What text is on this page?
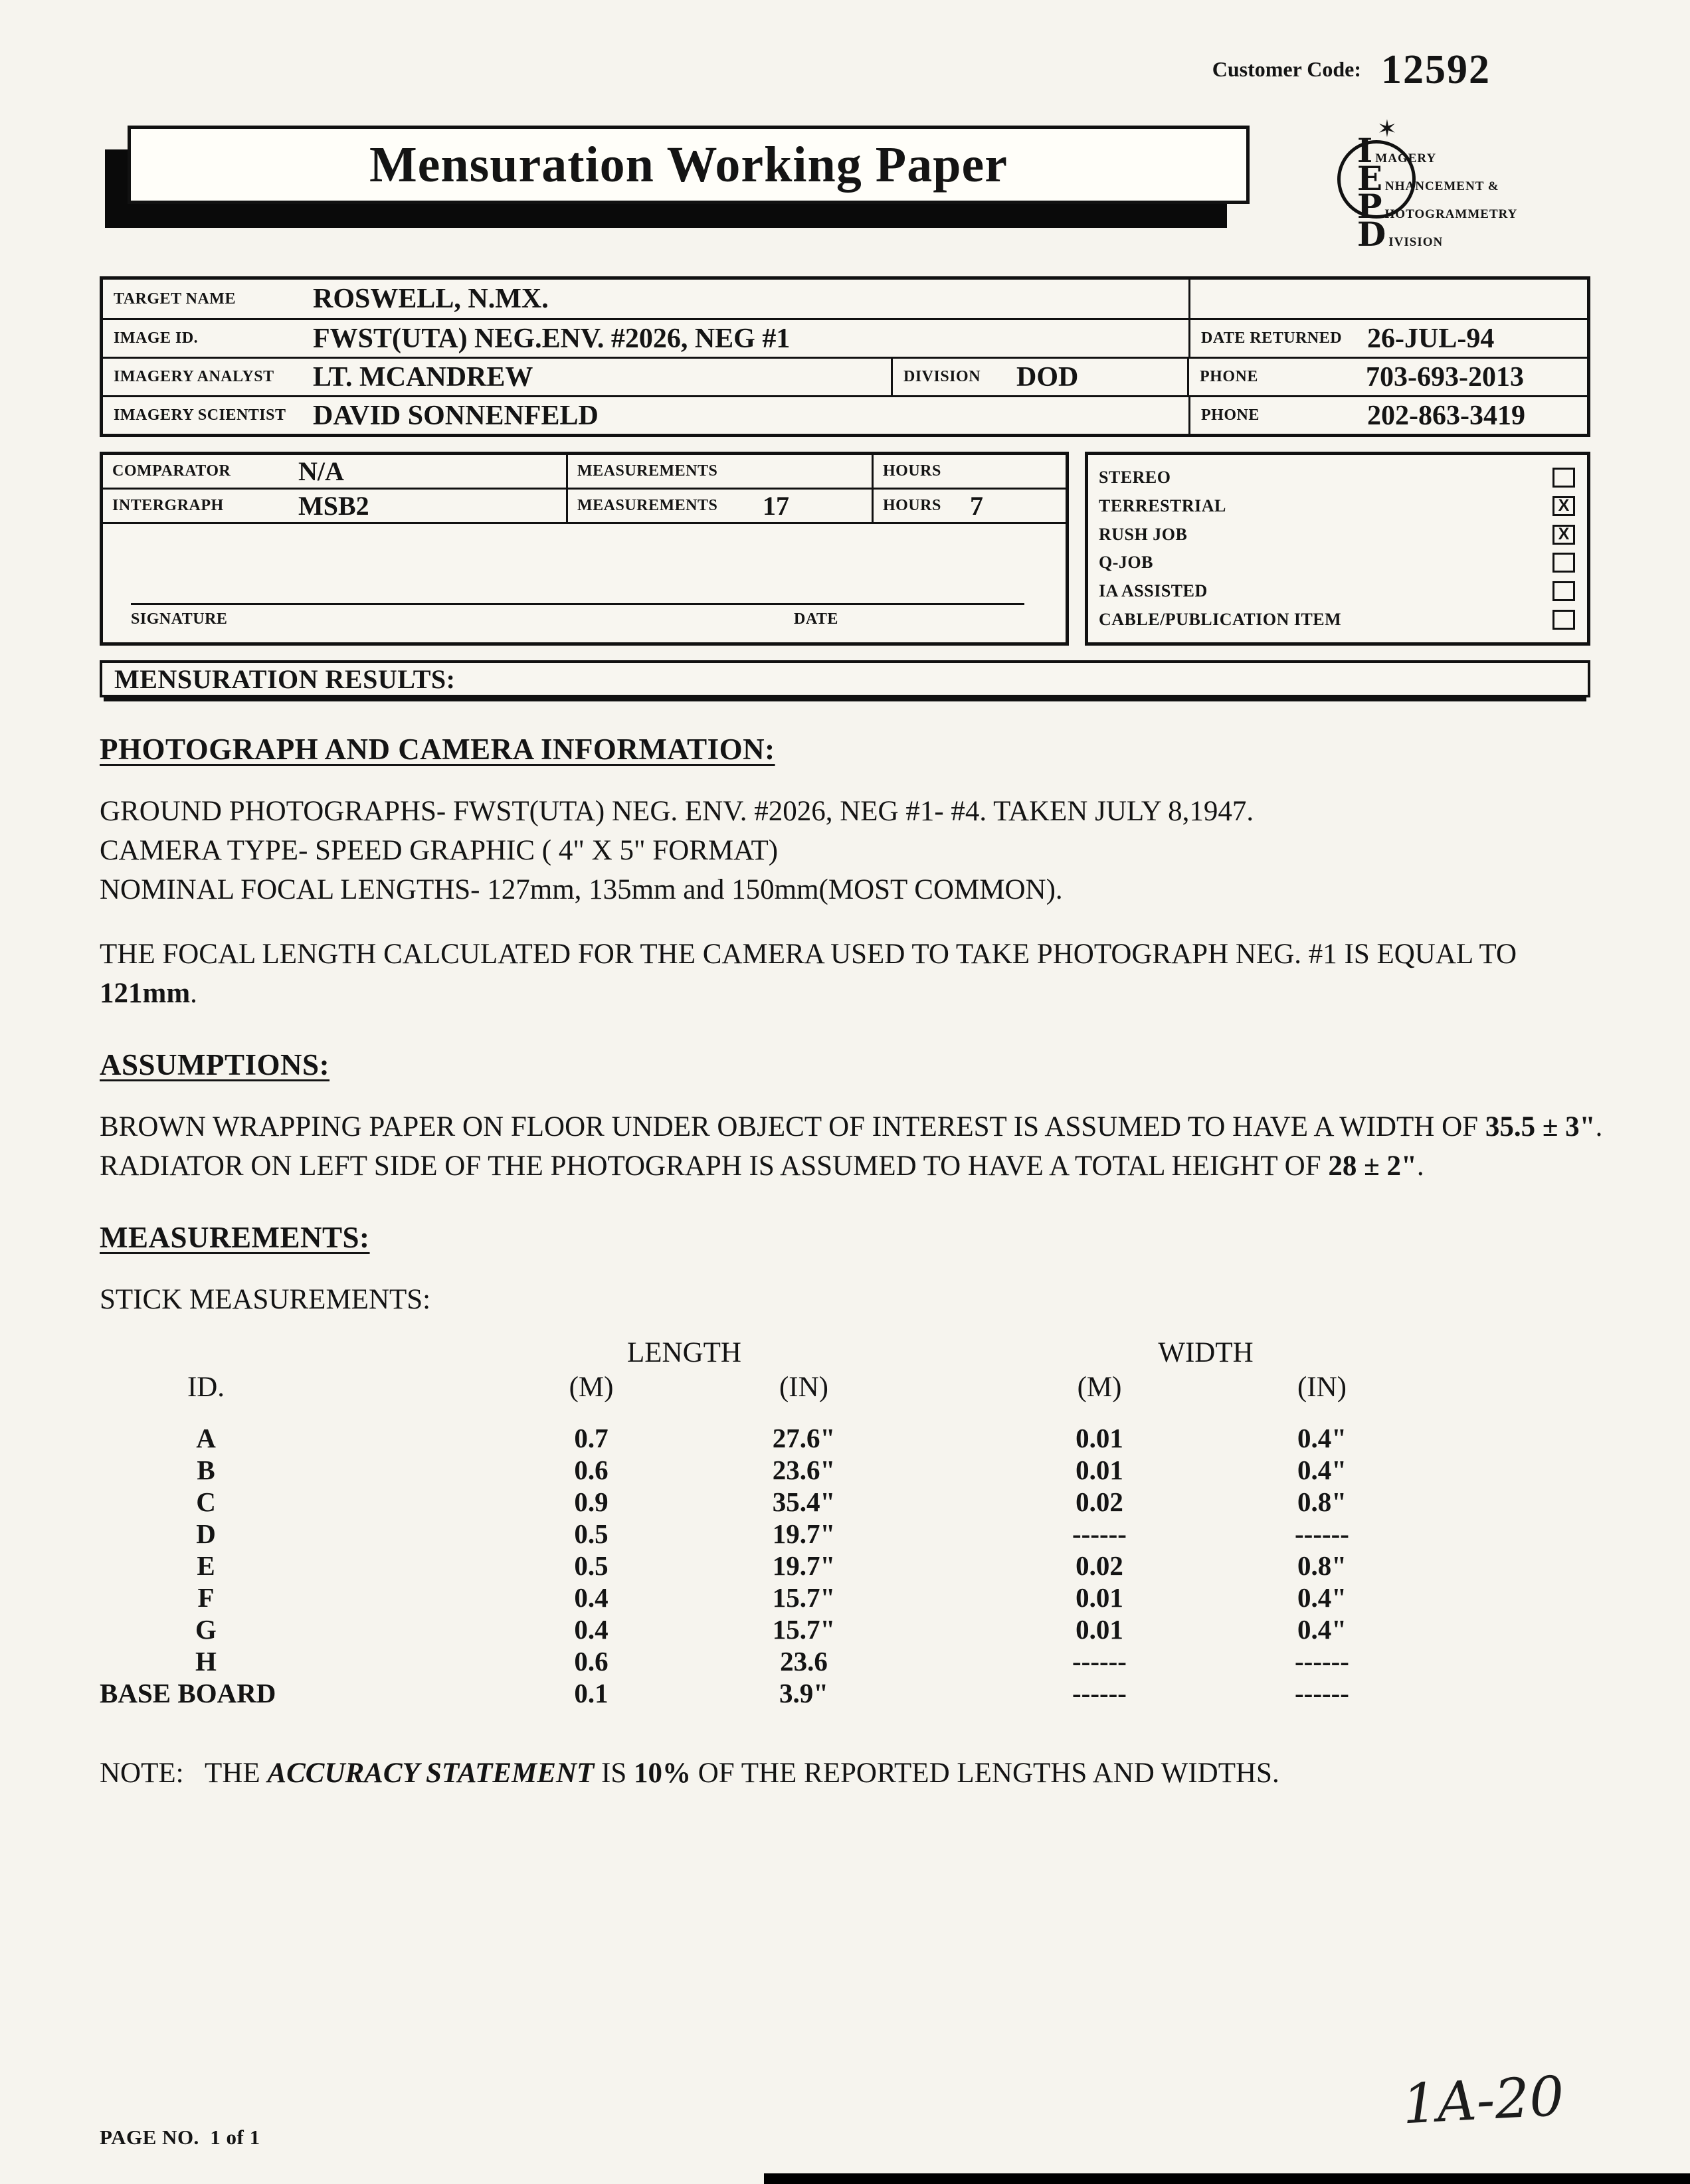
Customer Code: 12592
Mensuration Working Paper
✶
I MAGERY
E NHANCEMENT &
P HOTOGRAMMETRY
D IVISION
TARGET NAME	ROSWELL, N.MX.
IMAGE ID.	FWST(UTA) NEG.ENV. #2026, NEG #1	DATE RETURNED 26-JUL-94
IMAGERY ANALYST	LT. MCANDREW	DIVISION	DOD	PHONE	703-693-2013
IMAGERY SCIENTIST DAVID SONNENFELD	PHONE	202-863-3419
COMPARATOR	N/A	MEASUREMENTS	HOURS
INTERGRAPH	MSB2	MEASUREMENTS 17	HOURS 7
SIGNATURE	DATE
STEREO
TERRESTRIAL	X
RUSH JOB	X
Q-JOB
IA ASSISTED
CABLE/PUBLICATION ITEM
MENSURATION RESULTS:
PHOTOGRAPH AND CAMERA INFORMATION:
GROUND PHOTOGRAPHS- FWST(UTA) NEG. ENV. #2026, NEG #1- #4. TAKEN JULY 8,1947.
CAMERA TYPE- SPEED GRAPHIC ( 4" X 5" FORMAT)
NOMINAL FOCAL LENGTHS- 127mm, 135mm and 150mm(MOST COMMON).
THE FOCAL LENGTH CALCULATED FOR THE CAMERA USED TO TAKE PHOTOGRAPH NEG. #1 IS EQUAL TO
121mm.
ASSUMPTIONS:
BROWN WRAPPING PAPER ON FLOOR UNDER OBJECT OF INTEREST IS ASSUMED TO HAVE A WIDTH OF 35.5 ± 3".
RADIATOR ON LEFT SIDE OF THE PHOTOGRAPH IS ASSUMED TO HAVE A TOTAL HEIGHT OF 28 ± 2".
MEASUREMENTS:
STICK MEASUREMENTS:
LENGTH	WIDTH
ID.	(M)	(IN)	(M)	(IN)
A	0.7	27.6"	0.01	0.4"
B	0.6	23.6"	0.01	0.4"
C	0.9	35.4"	0.02	0.8"
D	0.5	19.7"	------	------
E	0.5	19.7"	0.02	0.8"
F	0.4	15.7"	0.01	0.4"
G	0.4	15.7"	0.01	0.4"
H	0.6	23.6	------	------
BASE BOARD	0.1	3.9"	------	------
NOTE:   THE ACCURACY STATEMENT IS 10% OF THE REPORTED LENGTHS AND WIDTHS.
PAGE NO.  1 of 1
1A-20
